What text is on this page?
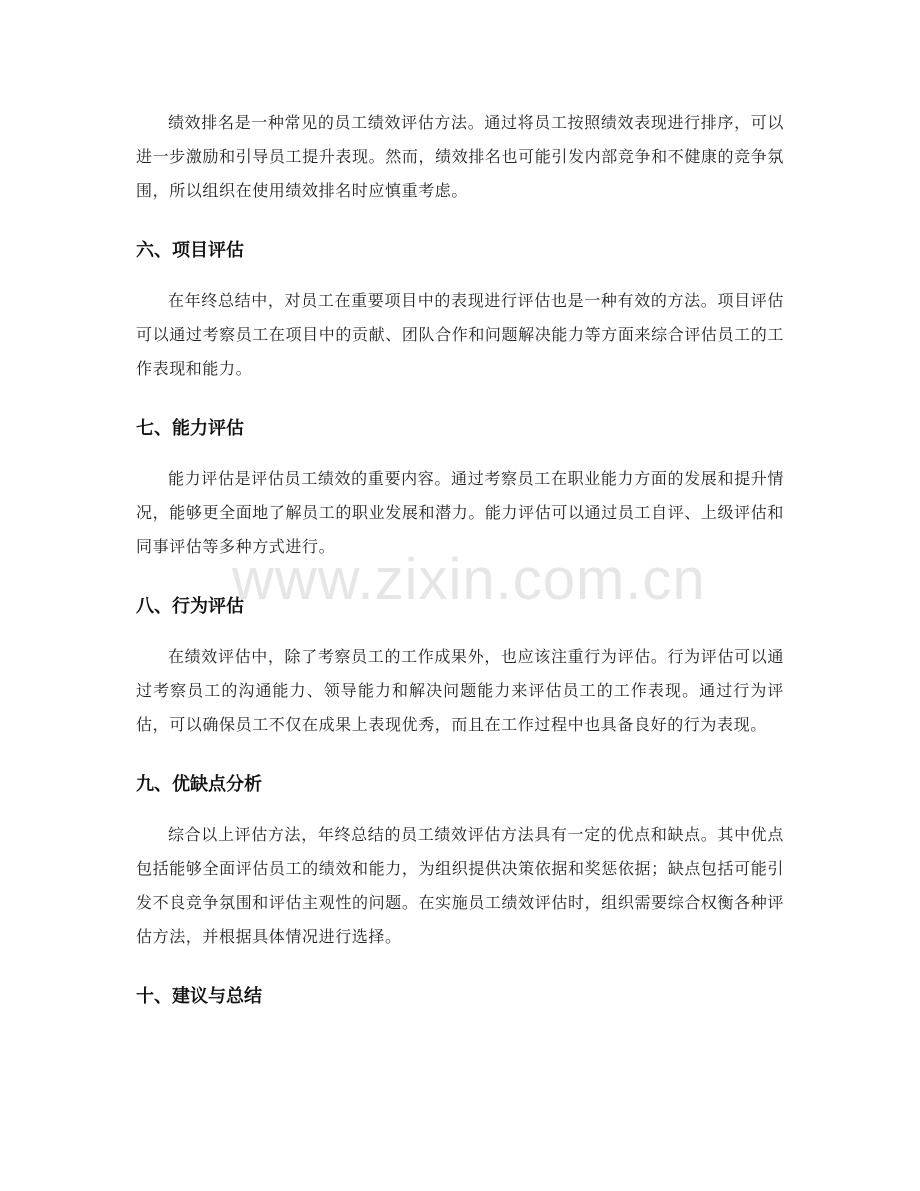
www.zixin.com.cn

绩效排名是一种常见的员工绩效评估方法。通过将员工按照绩效表现进行排序，可以进一步激励和引导员工提升表现。然而，绩效排名也可能引发内部竞争和不健康的竞争氛围，所以组织在使用绩效排名时应慎重考虑。

六、项目评估

在年终总结中，对员工在重要项目中的表现进行评估也是一种有效的方法。项目评估可以通过考察员工在项目中的贡献、团队合作和问题解决能力等方面来综合评估员工的工作表现和能力。

七、能力评估

能力评估是评估员工绩效的重要内容。通过考察员工在职业能力方面的发展和提升情况，能够更全面地了解员工的职业发展和潜力。能力评估可以通过员工自评、上级评估和同事评估等多种方式进行。

八、行为评估

在绩效评估中，除了考察员工的工作成果外，也应该注重行为评估。行为评估可以通过考察员工的沟通能力、领导能力和解决问题能力来评估员工的工作表现。通过行为评估，可以确保员工不仅在成果上表现优秀，而且在工作过程中也具备良好的行为表现。

九、优缺点分析

综合以上评估方法，年终总结的员工绩效评估方法具有一定的优点和缺点。其中优点包括能够全面评估员工的绩效和能力，为组织提供决策依据和奖惩依据；缺点包括可能引发不良竞争氛围和评估主观性的问题。在实施员工绩效评估时，组织需要综合权衡各种评估方法，并根据具体情况进行选择。

十、建议与总结
